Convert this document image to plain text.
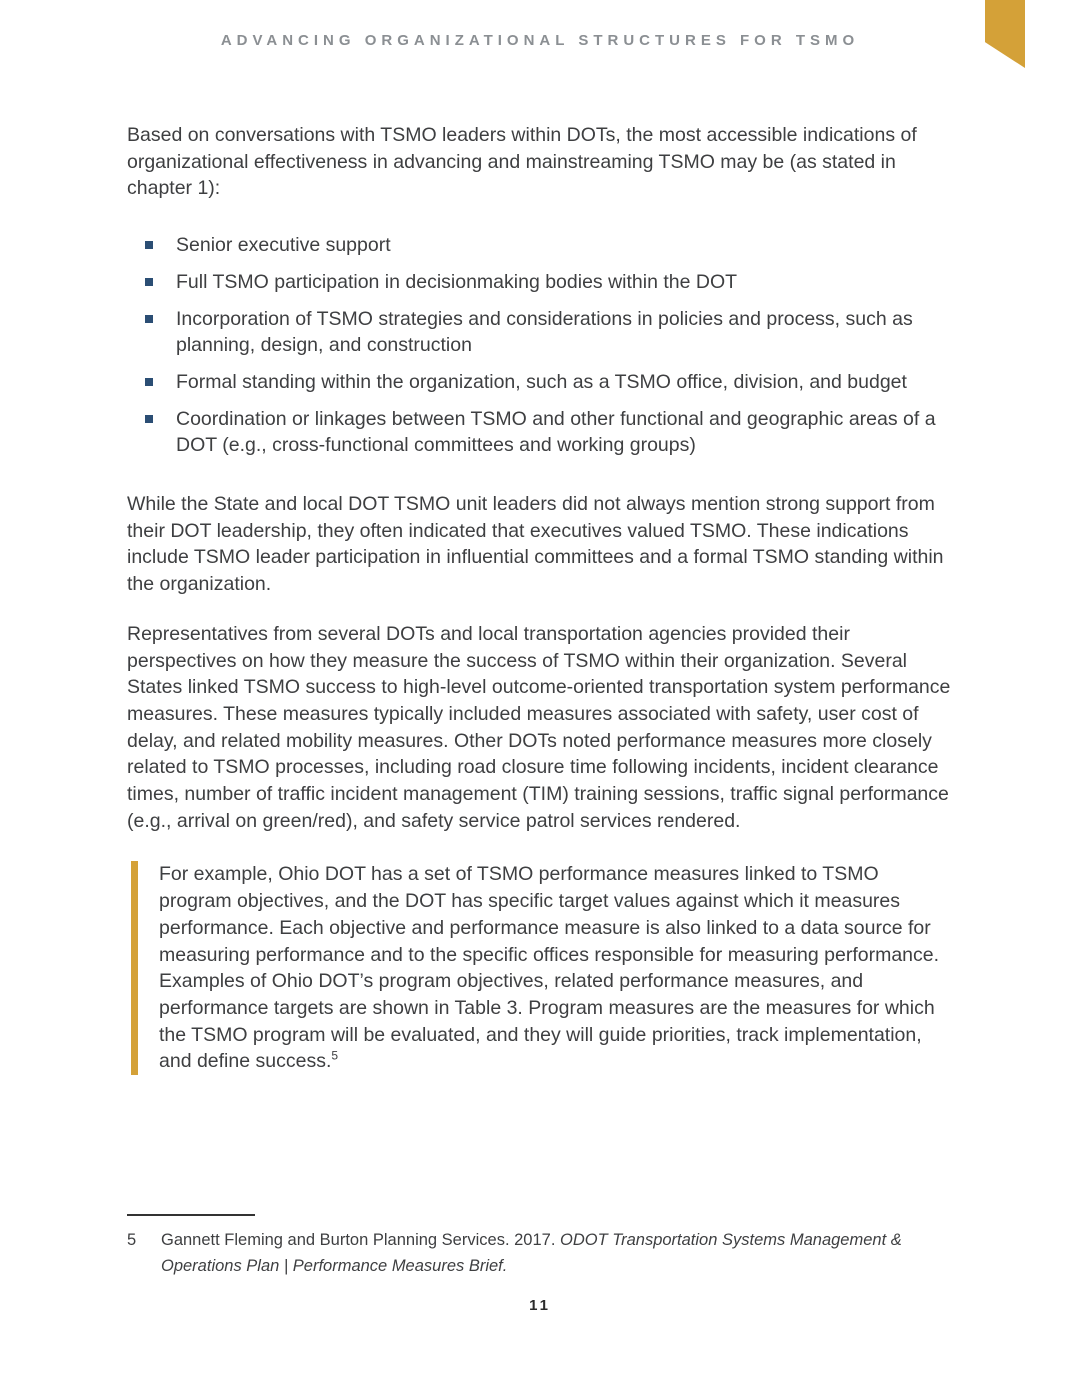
ADVANCING ORGANIZATIONAL STRUCTURES FOR TSMO

Based on conversations with TSMO leaders within DOTs, the most accessible indications of organizational effectiveness in advancing and mainstreaming TSMO may be (as stated in chapter 1):

Senior executive support
Full TSMO participation in decisionmaking bodies within the DOT
Incorporation of TSMO strategies and considerations in policies and process, such as planning, design, and construction
Formal standing within the organization, such as a TSMO office, division, and budget
Coordination or linkages between TSMO and other functional and geographic areas of a DOT (e.g., cross-functional committees and working groups)

While the State and local DOT TSMO unit leaders did not always mention strong support from their DOT leadership, they often indicated that executives valued TSMO. These indications include TSMO leader participation in influential committees and a formal TSMO standing within the organization.

Representatives from several DOTs and local transportation agencies provided their perspectives on how they measure the success of TSMO within their organization. Several States linked TSMO success to high-level outcome-oriented transportation system performance measures. These measures typically included measures associated with safety, user cost of delay, and related mobility measures. Other DOTs noted performance measures more closely related to TSMO processes, including road closure time following incidents, incident clearance times, number of traffic incident management (TIM) training sessions, traffic signal performance (e.g., arrival on green/red), and safety service patrol services rendered.

For example, Ohio DOT has a set of TSMO performance measures linked to TSMO program objectives, and the DOT has specific target values against which it measures performance. Each objective and performance measure is also linked to a data source for measuring performance and to the specific offices responsible for measuring performance. Examples of Ohio DOT’s program objectives, related performance measures, and performance targets are shown in Table 3. Program measures are the measures for which the TSMO program will be evaluated, and they will guide priorities, track implementation, and define success.$^5$

5	Gannett Fleming and Burton Planning Services. 2017. ODOT Transportation Systems Management & Operations Plan | Performance Measures Brief.
11
